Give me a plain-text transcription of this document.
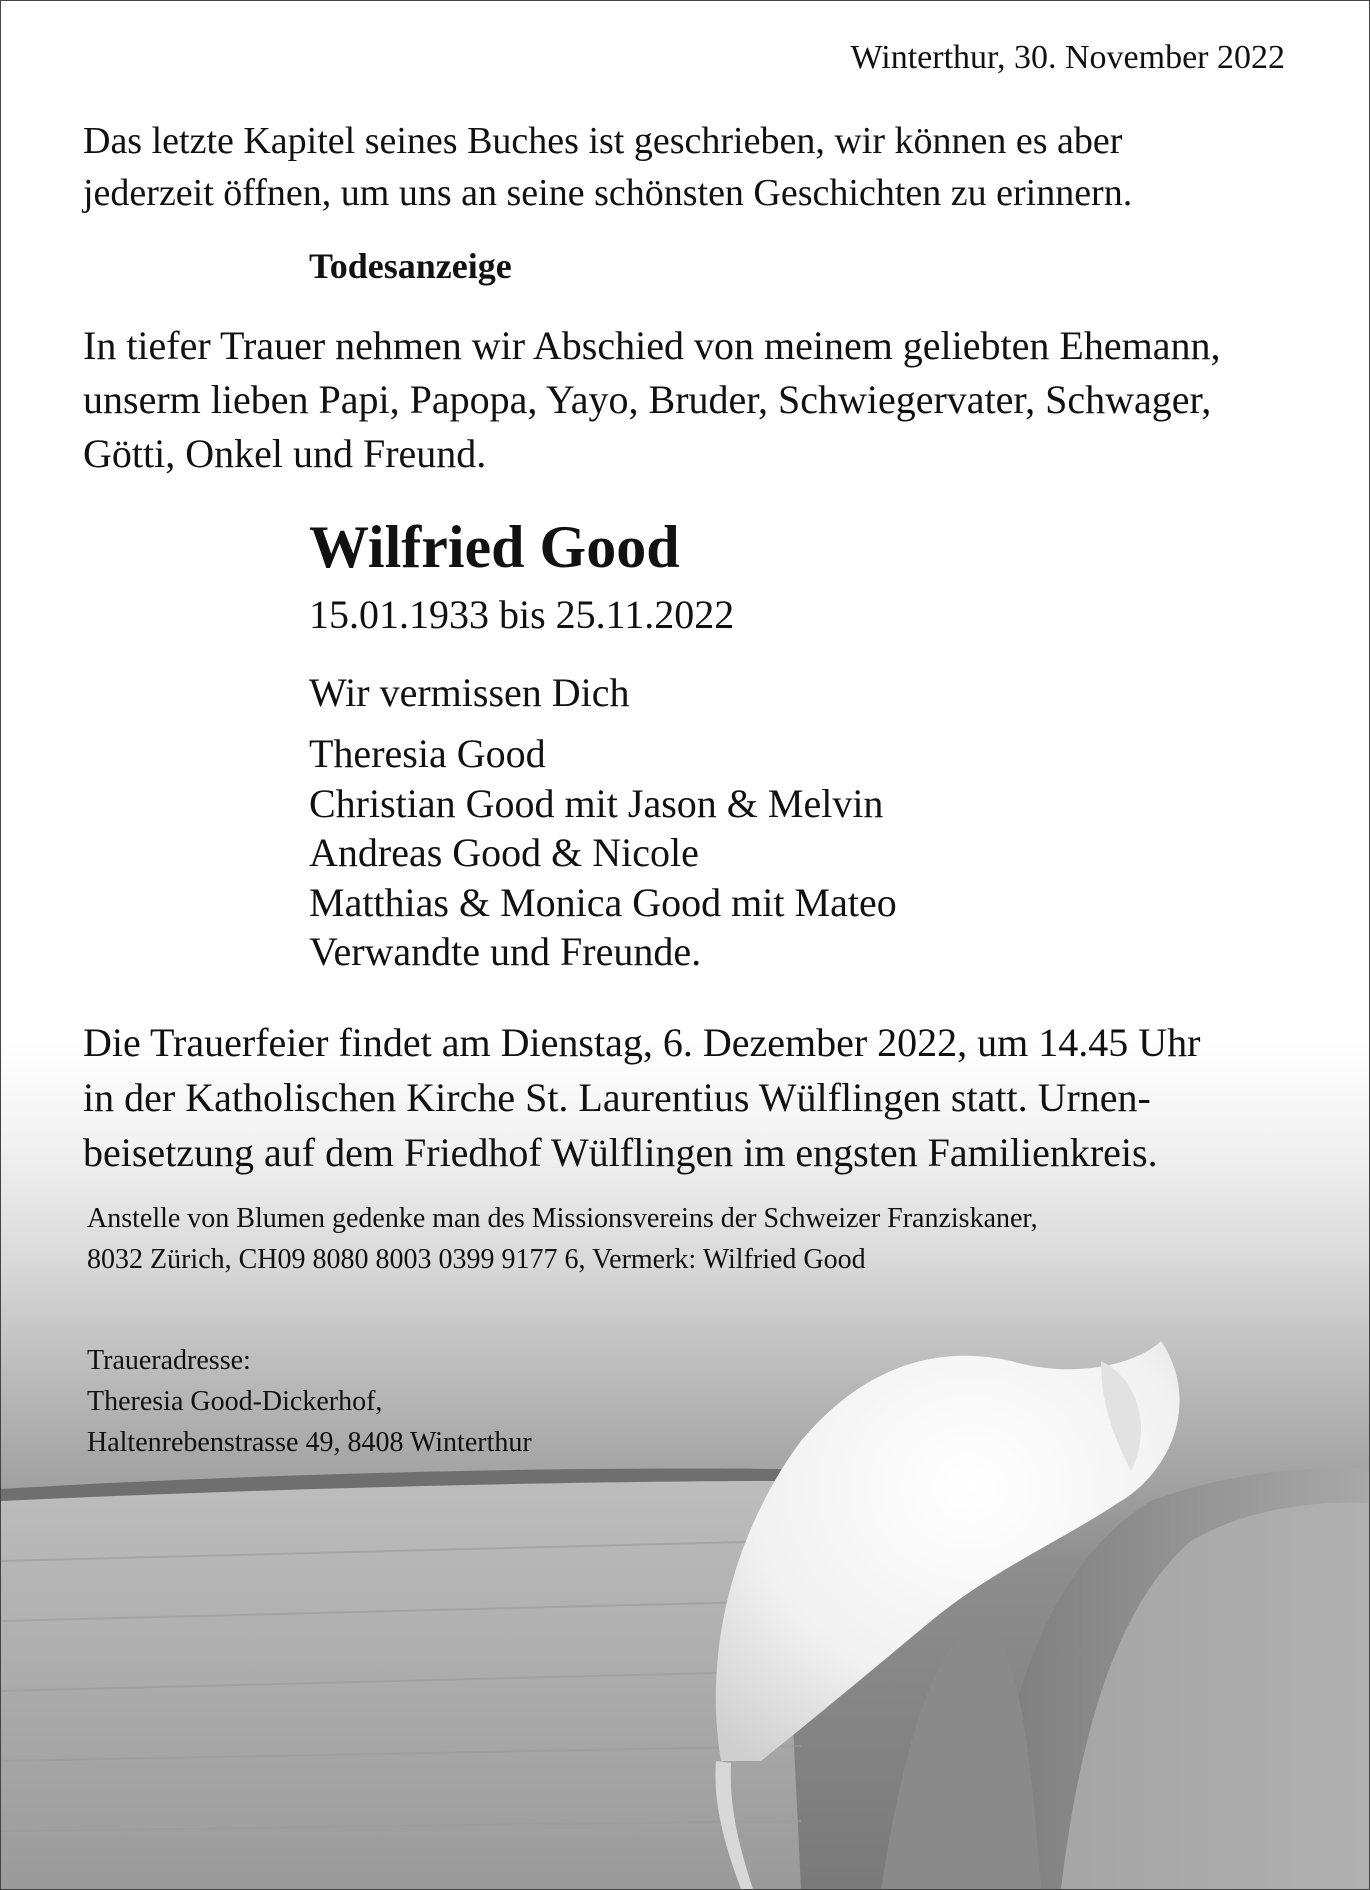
Winterthur, 30. November 2022
Das letzte Kapitel seines Buches ist geschrieben, wir können es aber
jederzeit öffnen, um uns an seine schönsten Geschichten zu erinnern.
Todesanzeige
In tiefer Trauer nehmen wir Abschied von meinem geliebten Ehemann,
unserm lieben Papi, Papopa, Yayo, Bruder, Schwiegervater, Schwager,
Götti, Onkel und Freund.
Wilfried Good
15.01.1933 bis 25.11.2022
Wir vermissen Dich
Theresia Good
Christian Good mit Jason & Melvin
Andreas Good & Nicole
Matthias & Monica Good mit Mateo
Verwandte und Freunde.
Die Trauerfeier findet am Dienstag, 6. Dezember 2022, um 14.45 Uhr
in der Katholischen Kirche St. Laurentius Wülflingen statt. Urnen-
beisetzung auf dem Friedhof Wülflingen im engsten Familienkreis.
Anstelle von Blumen gedenke man des Missionsvereins der Schweizer Franziskaner,
8032 Zürich, CH09 8080 8003 0399 9177 6, Vermerk: Wilfried Good
Traueradresse:
Theresia Good-Dickerhof,
Haltenrebenstrasse 49, 8408 Winterthur
